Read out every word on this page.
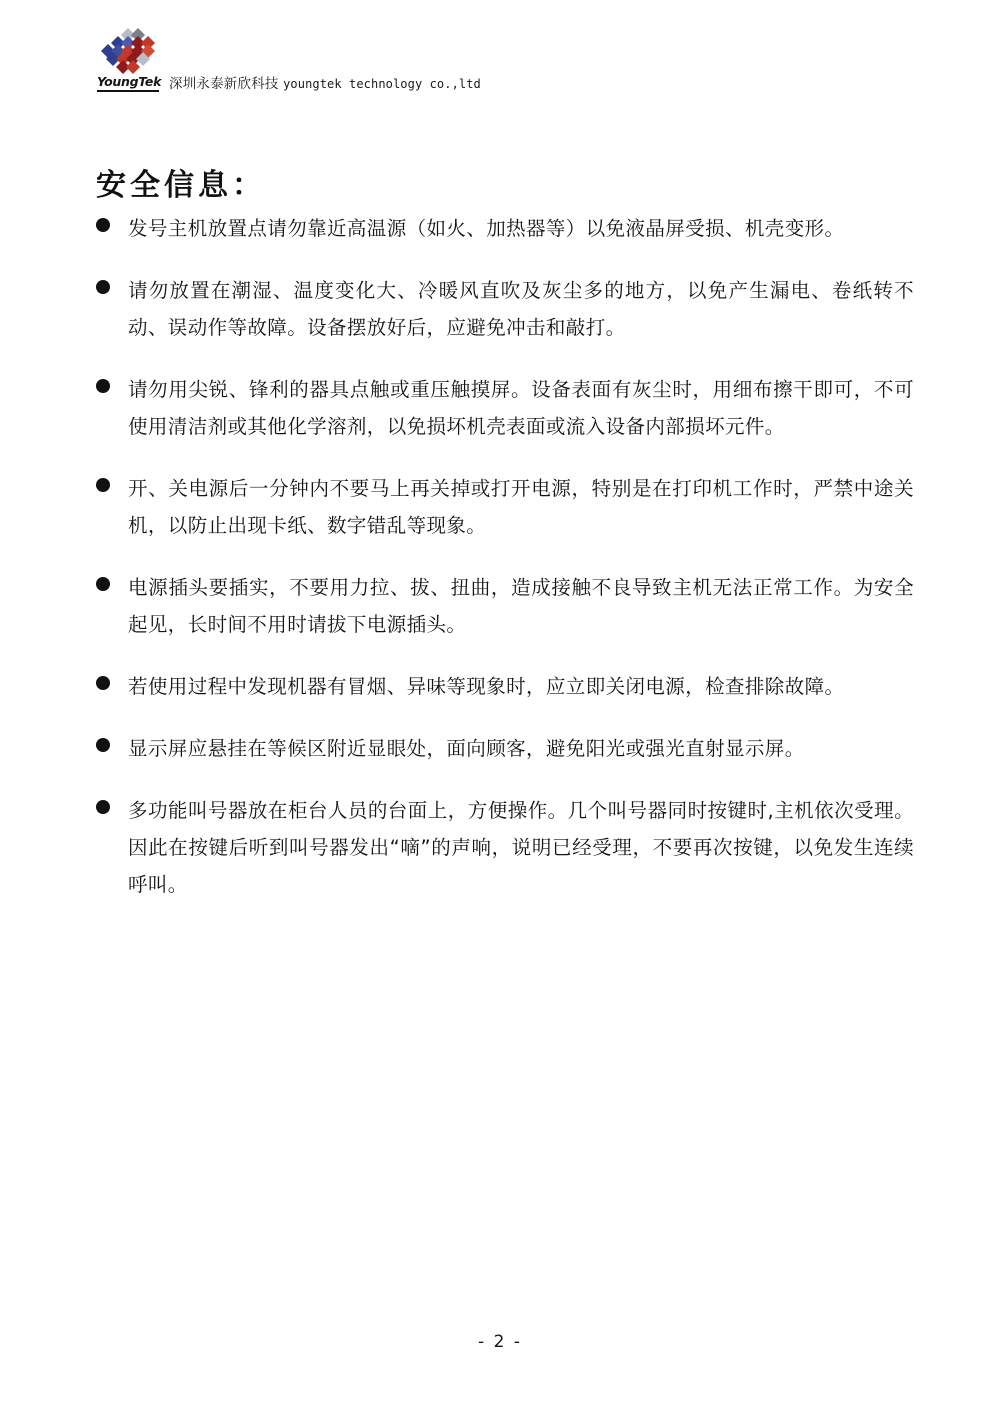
YoungTek 深圳永泰新欣科技 youngtek technology co.,ltd
安全信息：
发号主机放置点请勿靠近高温源（如火、加热器等）以免液晶屏受损、机壳变形。
请勿放置在潮湿、温度变化大、冷暖风直吹及灰尘多的地方，以免产生漏电、卷纸转不动、误动作等故障。设备摆放好后，应避免冲击和敲打。
请勿用尖锐、锋利的器具点触或重压触摸屏。设备表面有灰尘时，用细布擦干即可，不可使用清洁剂或其他化学溶剂，以免损坏机壳表面或流入设备内部损坏元件。
开、关电源后一分钟内不要马上再关掉或打开电源，特别是在打印机工作时，严禁中途关机，以防止出现卡纸、数字错乱等现象。
电源插头要插实，不要用力拉、拔、扭曲，造成接触不良导致主机无法正常工作。为安全起见，长时间不用时请拔下电源插头。
若使用过程中发现机器有冒烟、异味等现象时，应立即关闭电源，检查排除故障。
显示屏应悬挂在等候区附近显眼处，面向顾客，避免阳光或强光直射显示屏。
多功能叫号器放在柜台人员的台面上，方便操作。几个叫号器同时按键时,主机依次受理。因此在按键后听到叫号器发出“嘀”的声响，说明已经受理，不要再次按键，以免发生连续呼叫。
- 2 -
